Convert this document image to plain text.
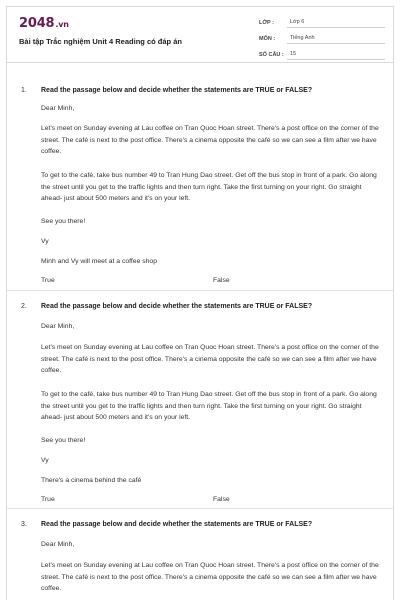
2048.vn
Bài tập Trắc nghiệm Unit 4 Reading có đáp án
LỚP :	Lớp 6
MÔN :	Tiếng Anh
SỐ CÂU :	15
1. Read the passage below and decide whether the statements are TRUE or FALSE?
Dear Minh,
Let's meet on Sunday evening at Lau coffee on Tran Quoc Hoan street. There's a post office on the corner of the street. The café is next to the post office. There's a cinema opposite the café so we can see a film after we have coffee.
To get to the café, take bus number 49 to Tran Hung Dao street. Get off the bus stop in front of a park. Go along the street until you get to the traffic lights and then turn right. Take the first turning on your right. Go straight ahead- just about 500 meters and it's on your left.
See you there!
Vy
Minh and Vy will meet at a coffee shop
True	False
2. Read the passage below and decide whether the statements are TRUE or FALSE?
Dear Minh,
Let's meet on Sunday evening at Lau coffee on Tran Quoc Hoan street. There's a post office on the corner of the street. The café is next to the post office. There's a cinema opposite the café so we can see a film after we have coffee.
To get to the café, take bus number 49 to Tran Hung Dao street. Get off the bus stop in front of a park. Go along the street until you get to the traffic lights and then turn right. Take the first turning on your right. Go straight ahead- just about 500 meters and it's on your left.
See you there!
Vy
There's a cinema behind the café
True	False
3. Read the passage below and decide whether the statements are TRUE or FALSE?
Dear Minh,
Let's meet on Sunday evening at Lau coffee on Tran Quoc Hoan street. There's a post office on the corner of the street. The café is next to the post office. There's a cinema opposite the café so we can see a film after we have coffee.
